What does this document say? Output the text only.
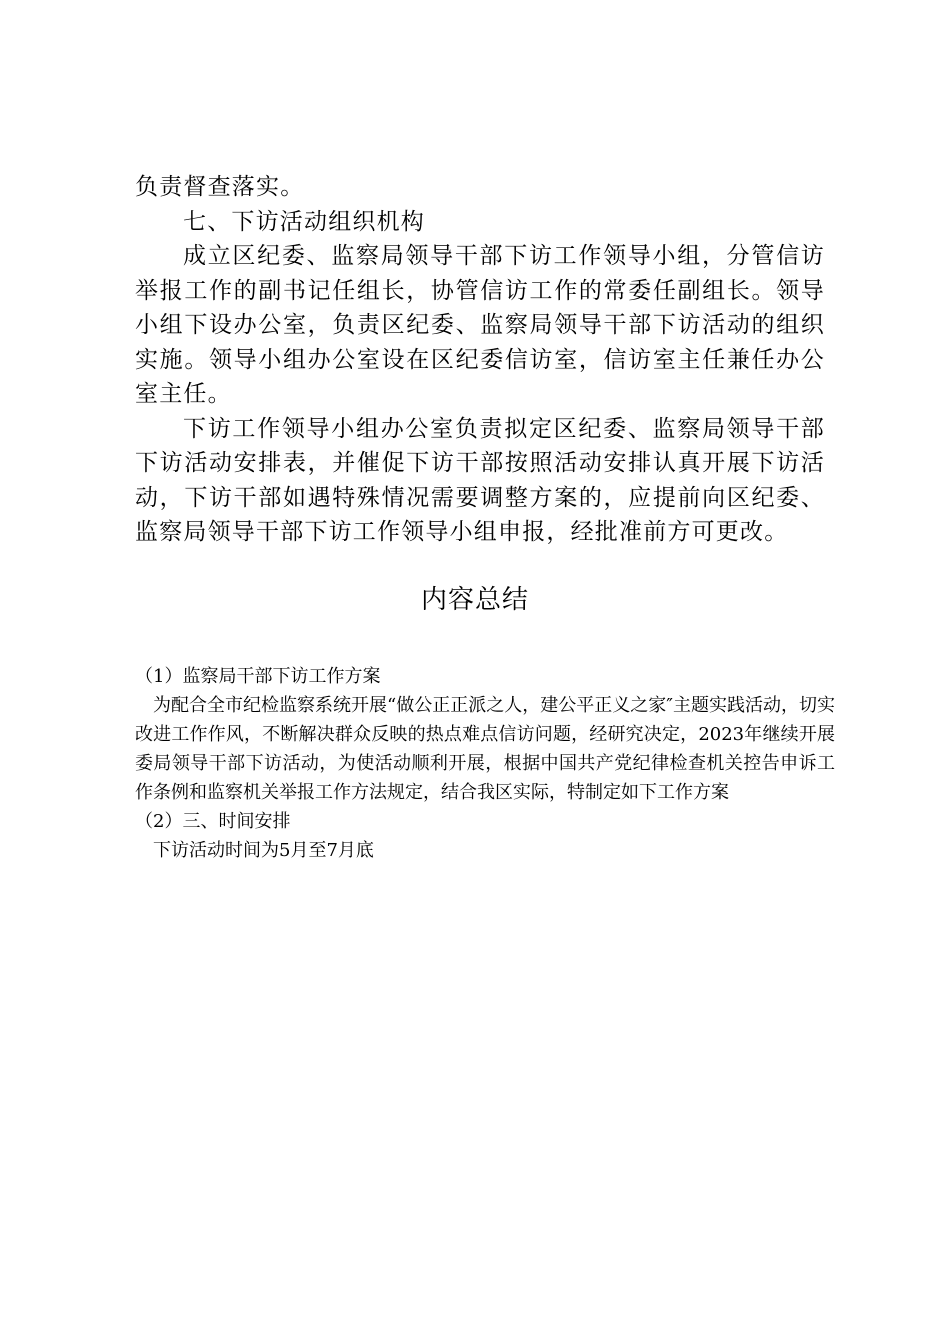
负责督查落实。

七、下访活动组织机构

成立区纪委、监察局领导干部下访工作领导小组，分管信访举报工作的副书记任组长，协管信访工作的常委任副组长。领导小组下设办公室，负责区纪委、监察局领导干部下访活动的组织实施。领导小组办公室设在区纪委信访室，信访室主任兼任办公室主任。

下访工作领导小组办公室负责拟定区纪委、监察局领导干部下访活动安排表，并催促下访干部按照活动安排认真开展下访活动，下访干部如遇特殊情况需要调整方案的，应提前向区纪委、监察局领导干部下访工作领导小组申报，经批准前方可更改。

内容总结

（1）监察局干部下访工作方案

为配合全市纪检监察系统开展“做公正正派之人，建公平正义之家″主题实践活动，切实改进工作作风，不断解决群众反映的热点难点信访问题，经研究决定，2023年继续开展委局领导干部下访活动，为使活动顺利开展，根据中国共产党纪律检查机关控告申诉工作条例和监察机关举报工作方法规定，结合我区实际，特制定如下工作方案

（2）三、时间安排

下访活动时间为5月至7月底
